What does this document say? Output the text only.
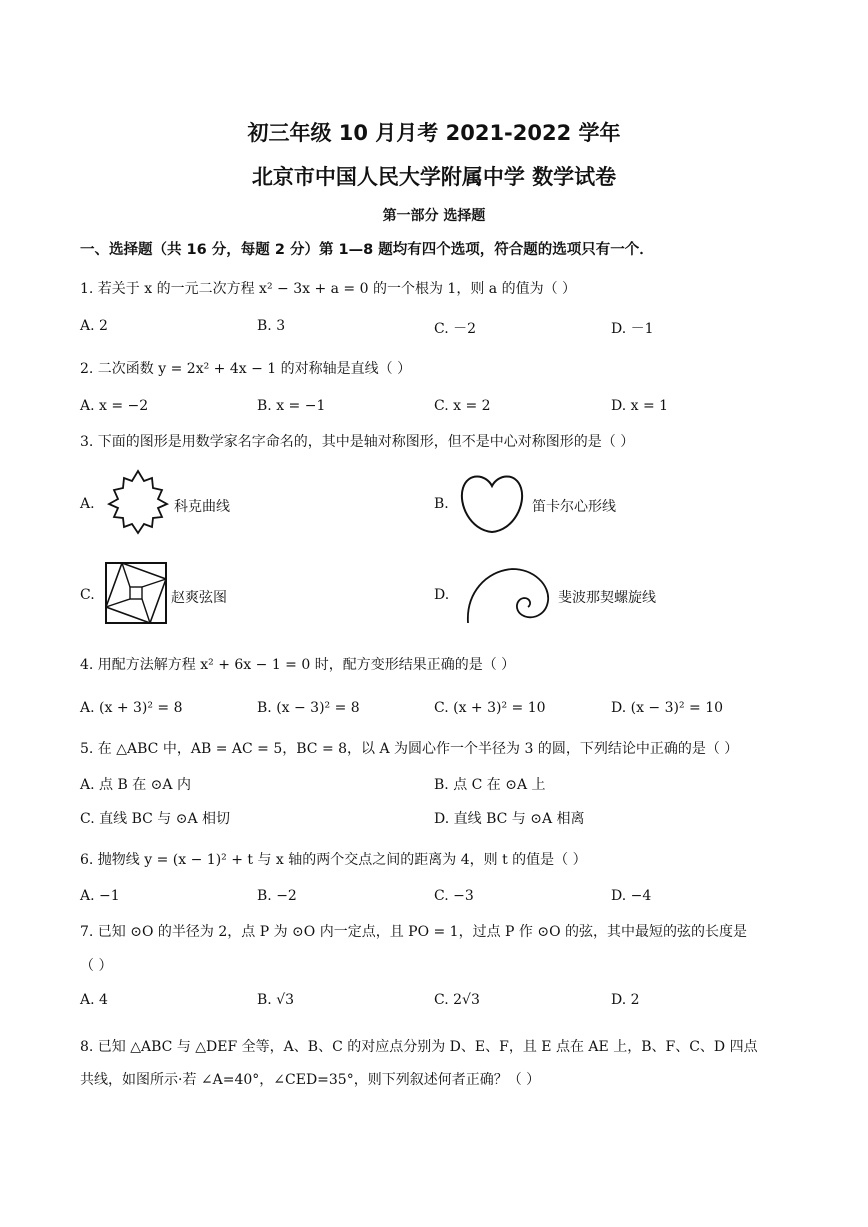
初三年级 10 月月考 2021-2022 学年
北京市中国人民大学附属中学 数学试卷
第一部分 选择题
一、选择题（共 16 分，每题 2 分）第 1—8 题均有四个选项，符合题的选项只有一个．
1. 若关于 x 的一元二次方程 x² − 3x + a = 0 的一个根为 1，则 a 的值为（ ）
A. 2	B. 3	C. －2	D. －1
2. 二次函数 y = 2x² + 4x − 1 的对称轴是直线（ ）
A. x = −2	B. x = −1	C. x = 2	D. x = 1
3. 下面的图形是用数学家名字命名的，其中是轴对称图形，但不是中心对称图形的是（ ）
A.	科克曲线	B.	笛卡尔心形线
C.	赵爽弦图	D.	斐波那契螺旋线
4. 用配方法解方程 x² + 6x − 1 = 0 时，配方变形结果正确的是（ ）
A. (x + 3)² = 8	B. (x − 3)² = 8	C. (x + 3)² = 10	D. (x − 3)² = 10
5. 在 △ABC 中，AB = AC = 5，BC = 8，以 A 为圆心作一个半径为 3 的圆，下列结论中正确的是（ ）
A. 点 B 在 ⊙A 内	B. 点 C 在 ⊙A 上
C. 直线 BC 与 ⊙A 相切	D. 直线 BC 与 ⊙A 相离
6. 抛物线 y = (x − 1)² + t 与 x 轴的两个交点之间的距离为 4，则 t 的值是（ ）
A. −1	B. −2	C. −3	D. −4
7. 已知 ⊙O 的半径为 2，点 P 为 ⊙O 内一定点，且 PO = 1，过点 P 作 ⊙O 的弦，其中最短的弦的长度是
（ ）
A. 4	B. √3	C. 2√3	D. 2
8. 已知 △ABC 与 △DEF 全等，A、B、C 的对应点分别为 D、E、F，且 E 点在 AE 上，B、F、C、D 四点
共线，如图所示·若 ∠A=40°，∠CED=35°，则下列叙述何者正确？（ ）
